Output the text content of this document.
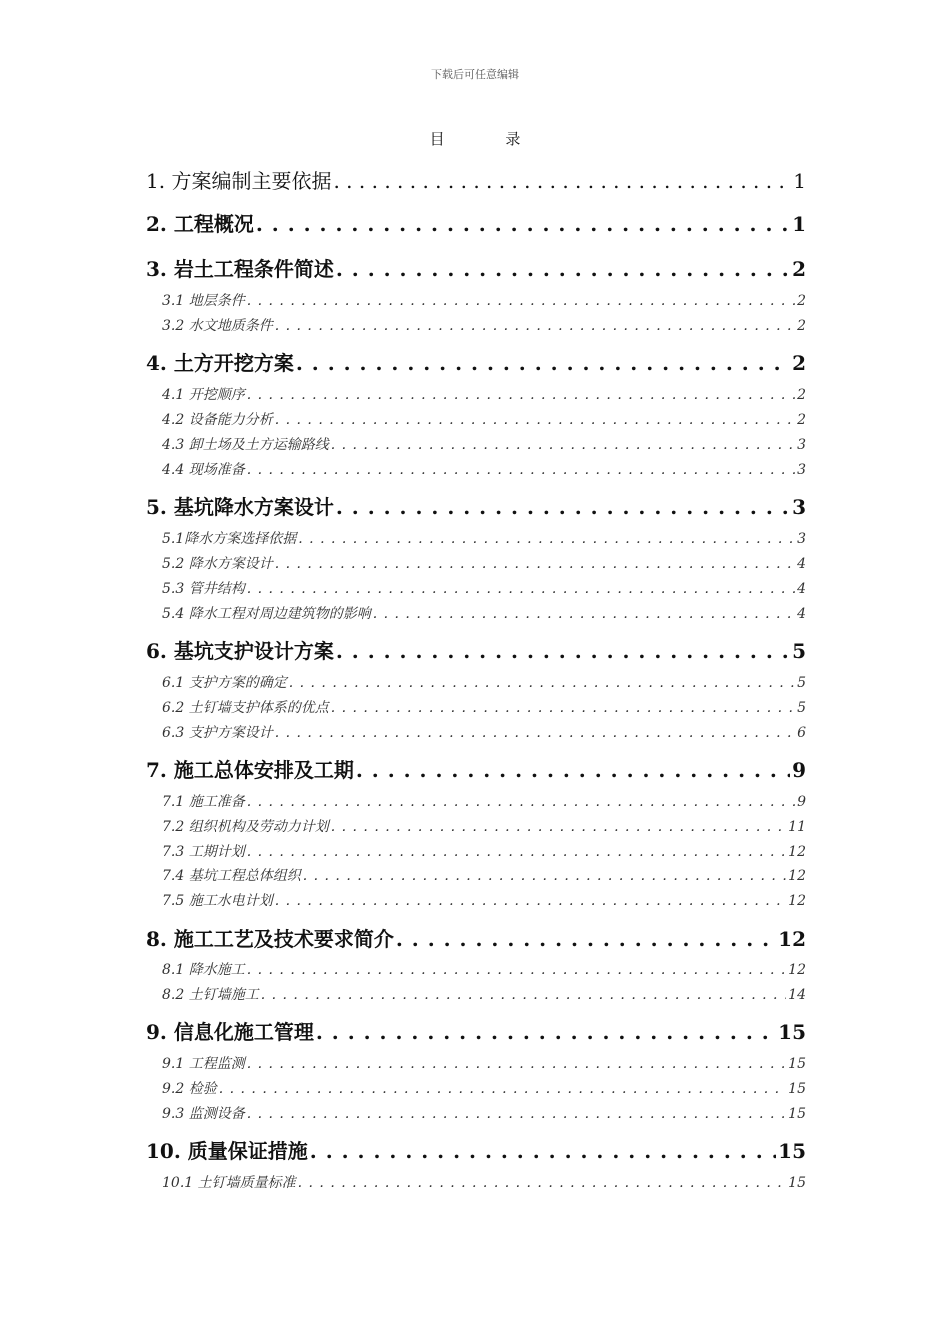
下载后可任意编辑
目 录
1. 方案编制主要依据 . . .	1
2. 工程概况 . . .	1
3. 岩土工程条件简述 . . .	2
3.1 地层条件 . . .	2
3.2 水文地质条件 . . .	2
4. 土方开挖方案 . . .	2
4.1 开挖顺序 . . .	2
4.2 设备能力分析 . . .	2
4.3 卸土场及土方运输路线 . . .	3
4.4 现场准备 . . .	3
5. 基坑降水方案设计 . . .	3
5.1降水方案选择依据 . . .	3
5.2 降水方案设计 . . .	4
5.3 管井结构 . . .	4
5.4 降水工程对周边建筑物的影响 . . .	4
6. 基坑支护设计方案 . . .	5
6.1 支护方案的确定 . . .	5
6.2 土钉墙支护体系的优点 . . .	5
6.3 支护方案设计 . . .	6
7. 施工总体安排及工期 . . .	9
7.1 施工准备 . . .	9
7.2 组织机构及劳动力计划 . . .	11
7.3 工期计划 . . .	12
7.4 基坑工程总体组织 . . .	12
7.5 施工水电计划 . . .	12
8. 施工工艺及技术要求简介 . . .	12
8.1 降水施工 . . .	12
8.2 土钉墙施工 . . .	14
9. 信息化施工管理 . . .	15
9.1 工程监测 . . .	15
9.2 检验 . . .	15
9.3 监测设备 . . .	15
10. 质量保证措施 . . .	15
10.1 土钉墙质量标准 . . .	15
